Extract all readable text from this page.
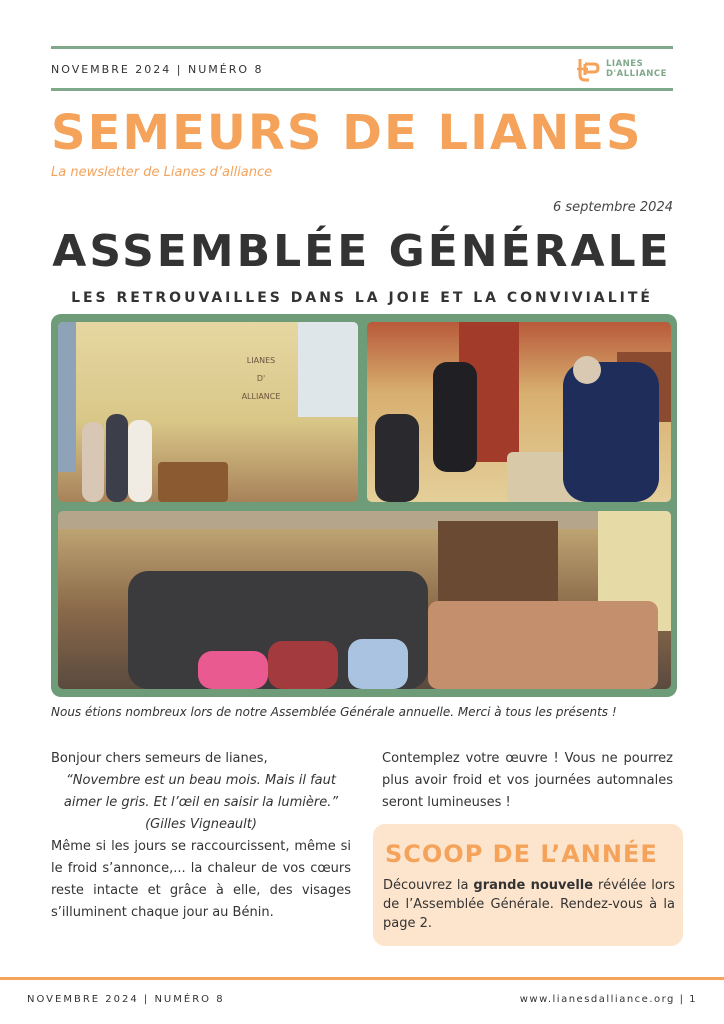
NOVEMBRE 2024 | NUMÉRO 8	LIANES
D'ALLIANCE
SEMEURS DE LIANES
La newsletter de Lianes d’alliance
6 septembre 2024
ASSEMBLÉE GÉNÉRALE
LES RETROUVAILLES DANS LA JOIE ET LA CONVIVIALITÉ
LIANES
D'
ALLIANCE
Nous étions nombreux lors de notre Assemblée Générale annuelle. Merci à tous les présents !

Bonjour chers semeurs de lianes,

“Novembre est un beau mois. Mais il faut aimer le gris. Et l’œil en saisir la lumière.”

(Gilles Vigneault)

Même si les jours se raccourcissent, même si le froid s’annonce,... la chaleur de vos cœurs reste intacte et grâce à elle, des visages s’illuminent chaque jour au Bénin.

Contemplez votre œuvre ! Vous ne pourrez plus avoir froid et vos journées automnales seront lumineuses !

SCOOP DE L’ANNÉE
Découvrez la grande nouvelle révélée lors de l’Assemblée Générale. Rendez-vous à la page 2.
NOVEMBRE 2024 | NUMÉRO 8	www.lianesdalliance.org | 1
